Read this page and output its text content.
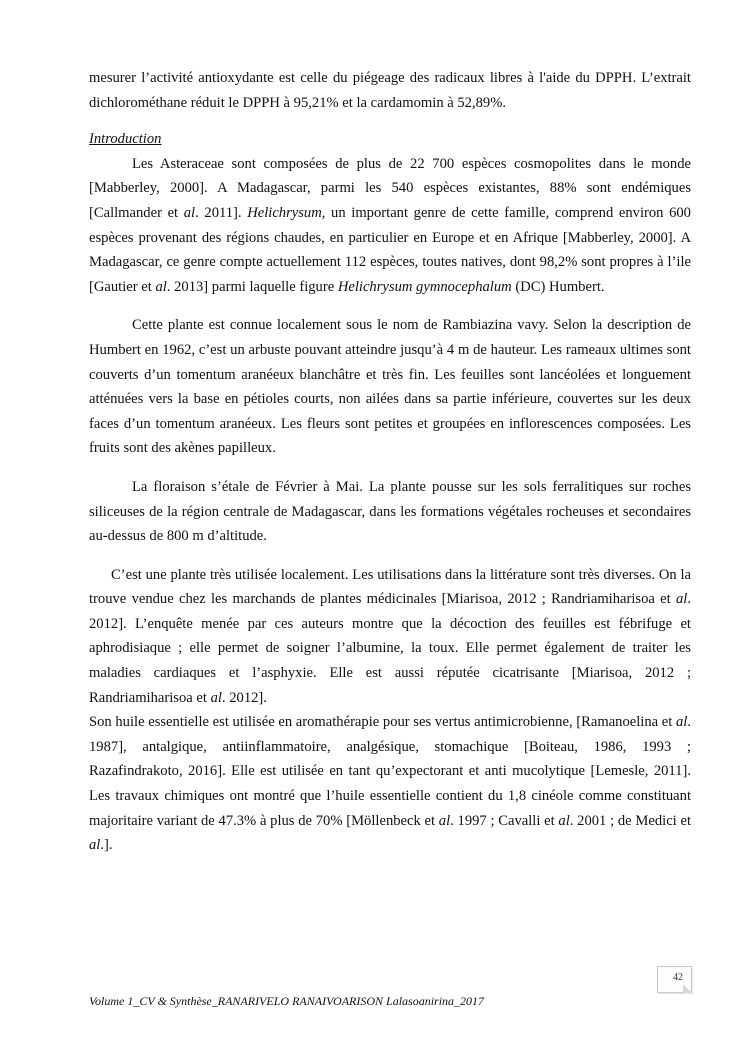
mesurer l’activité antioxydante est celle du piégeage des radicaux libres à l'aide du DPPH. L’extrait dichlorométhane réduit le DPPH à 95,21% et la cardamomin à 52,89%.

Introduction

Les Asteraceae sont composées de plus de 22 700 espèces cosmopolites dans le monde [Mabberley, 2000]. A Madagascar, parmi les 540 espèces existantes, 88% sont endémiques [Callmander et al. 2011]. Helichrysum, un important genre de cette famille, comprend environ 600 espèces provenant des régions chaudes, en particulier en Europe et en Afrique [Mabberley, 2000]. A Madagascar, ce genre compte actuellement 112 espèces, toutes natives, dont 98,2% sont propres à l’ile [Gautier et al. 2013] parmi laquelle figure Helichrysum gymnocephalum (DC) Humbert.

Cette plante est connue localement sous le nom de Rambiazina vavy. Selon la description de Humbert en 1962, c’est un arbuste pouvant atteindre jusqu’à 4 m de hauteur. Les rameaux ultimes sont couverts d’un tomentum aranéeux blanchâtre et très fin. Les feuilles sont lancéolées et longuement atténuées vers la base en pétioles courts, non ailées dans sa partie inférieure, couvertes sur les deux faces d’un tomentum aranéeux. Les fleurs sont petites et groupées en inflorescences composées. Les fruits sont des akènes papilleux.

La floraison s’étale de Février à Mai. La plante pousse sur les sols ferralitiques sur roches siliceuses de la région centrale de Madagascar, dans les formations végétales rocheuses et secondaires au-dessus de 800 m d’altitude.

C’est une plante très utilisée localement. Les utilisations dans la littérature sont très diverses. On la trouve vendue chez les marchands de plantes médicinales [Miarisoa, 2012 ; Randriamiharisoa et al. 2012]. L’enquête menée par ces auteurs montre que la décoction des feuilles est fébrifuge et aphrodisiaque ; elle permet de soigner l’albumine, la toux. Elle permet également de traiter les maladies cardiaques et l’asphyxie. Elle est aussi réputée cicatrisante [Miarisoa, 2012 ; Randriamiharisoa et al. 2012].

Son huile essentielle est utilisée en aromathérapie pour ses vertus antimicrobienne, [Ramanoelina et al. 1987], antalgique, antiinflammatoire, analgésique, stomachique [Boiteau, 1986, 1993 ; Razafindrakoto, 2016]. Elle est utilisée en tant qu’expectorant et anti mucolytique [Lemesle, 2011]. Les travaux chimiques ont montré que l’huile essentielle contient du 1,8 cinéole comme constituant majoritaire variant de 47.3% à plus de 70% [Möllenbeck et al. 1997 ; Cavalli et al. 2001 ; de Medici et al.].

42
Volume 1_CV & Synthèse_RANARIVELO RANAIVOARISON Lalasoanirina_2017
